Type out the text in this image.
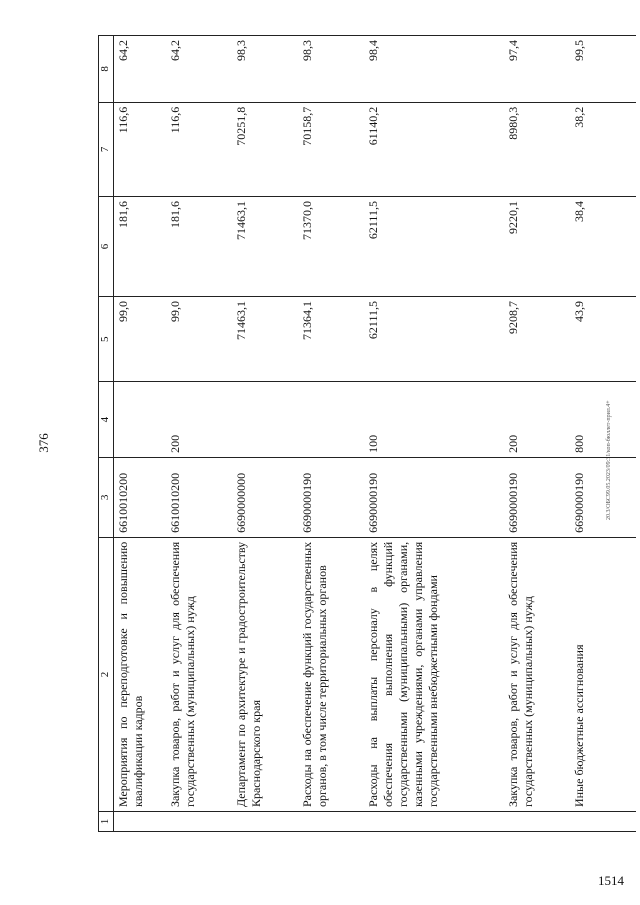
376
1514
20.3/ОБС99.05.2023/09:31/коп-бюллет-прил.4+
1	2	3	4	5	6	7	8
	Мероприятия по переподготовке и повышению квалификации кадров	6610010200		99,0	181,6	116,6	64,2
	Закупка товаров, работ и услуг для обеспечения государственных (муниципальных) нужд	6610010200	200	99,0	181,6	116,6	64,2
	Департамент по архитектуре и градостроительству Краснодарского края	6690000000		71463,1	71463,1	70251,8	98,3
	Расходы на обеспечение функций государственных органов, в том числе территориальных органов	6690000190		71364,1	71370,0	70158,7	98,3
	Расходы на выплаты персоналу в целях обеспечения выполнения функций государственными (муниципальными) органами, казенными учреждениями, органами управления государственными внебюджетными фондами	6690000190	100	62111,5	62111,5	61140,2	98,4
	Закупка товаров, работ и услуг для обеспечения государственных (муниципальных) нужд	6690000190	200	9208,7	9220,1	8980,3	97,4
	Иные бюджетные ассигнования	6690000190	800	43,9	38,4	38,2	99,5
